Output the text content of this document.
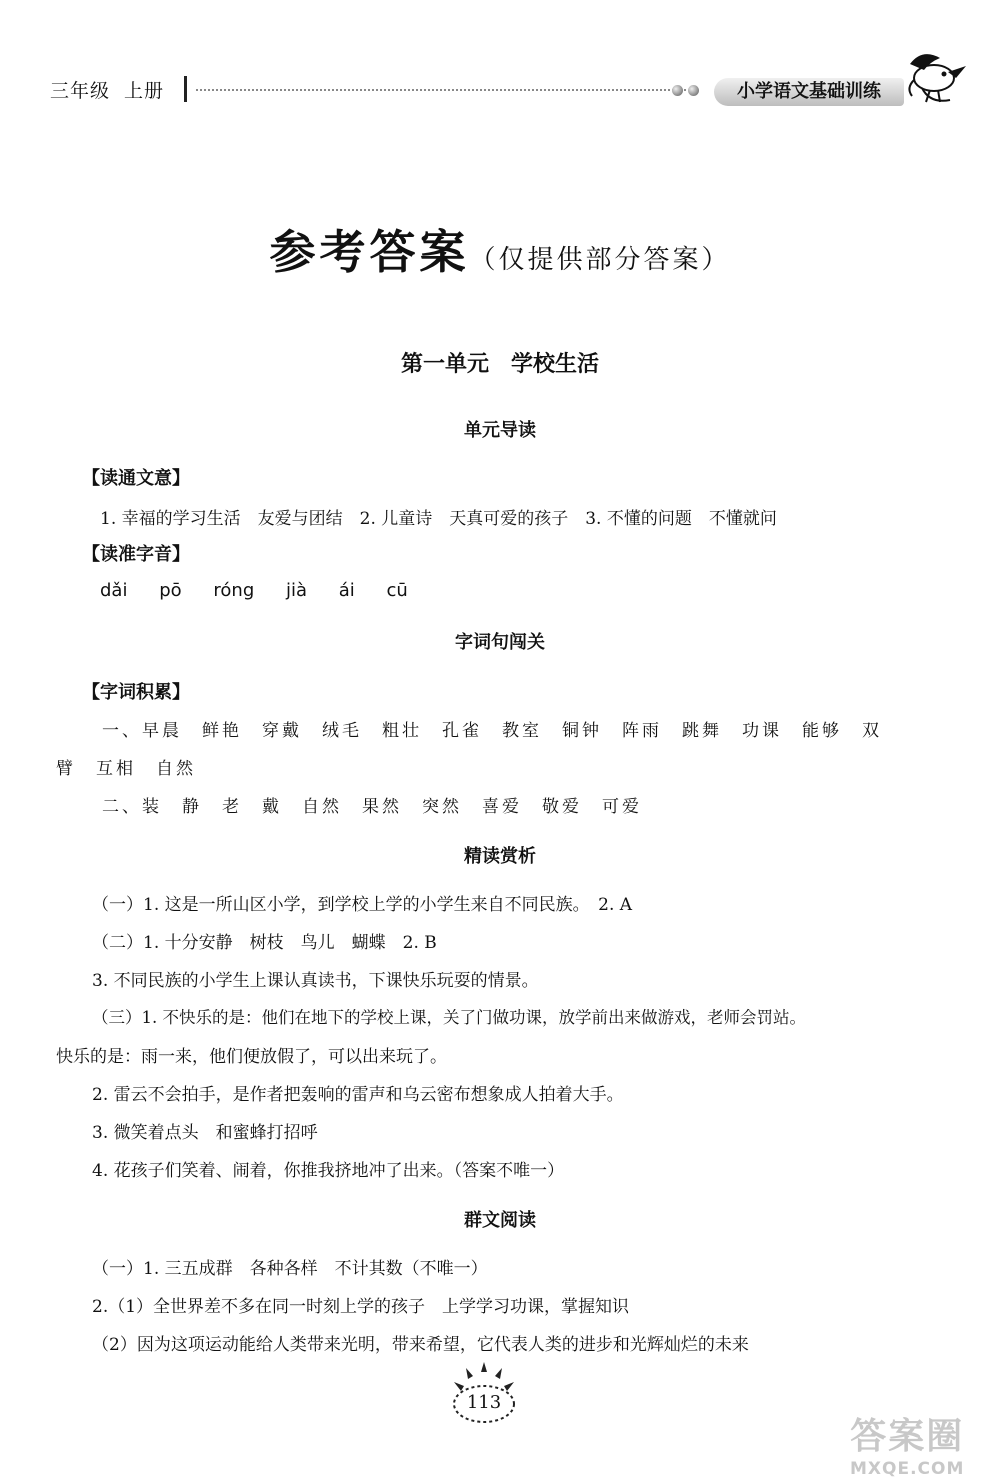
三年级 上册	小学语文基础训练
参考答案（仅提供部分答案）
第一单元　学校生活
单元导读
【读通文意】
1. 幸福的学习生活　友爱与团结　2. 儿童诗　天真可爱的孩子　3. 不懂的问题　不懂就问
【读准字音】
dǎi pō róng jià ái cū
字词句闯关
【字词积累】
一、早晨　鲜艳　穿戴　绒毛　粗壮　孔雀　教室　铜钟　阵雨　跳舞　功课　能够　双
臂　互相　自然
二、装　静　老　戴　自然　果然　突然　喜爱　敬爱　可爱
精读赏析
（一）1. 这是一所山区小学，到学校上学的小学生来自不同民族。　2. A
（二）1. 十分安静　树枝　鸟儿　蝴蝶　2. B
3. 不同民族的小学生上课认真读书，下课快乐玩耍的情景。
（三）1. 不快乐的是：他们在地下的学校上课，关了门做功课，放学前出来做游戏，老师会罚站。
快乐的是：雨一来，他们便放假了，可以出来玩了。
2. 雷云不会拍手，是作者把轰响的雷声和乌云密布想象成人拍着大手。
3. 微笑着点头　和蜜蜂打招呼
4. 花孩子们笑着、闹着，你推我挤地冲了出来。（答案不唯一）
群文阅读
（一）1. 三五成群　各种各样　不计其数（不唯一）
2.（1）全世界差不多在同一时刻上学的孩子　上学学习功课，掌握知识
（2）因为这项运动能给人类带来光明，带来希望，它代表人类的进步和光辉灿烂的未来
113
答案圈
MXQE.COM
